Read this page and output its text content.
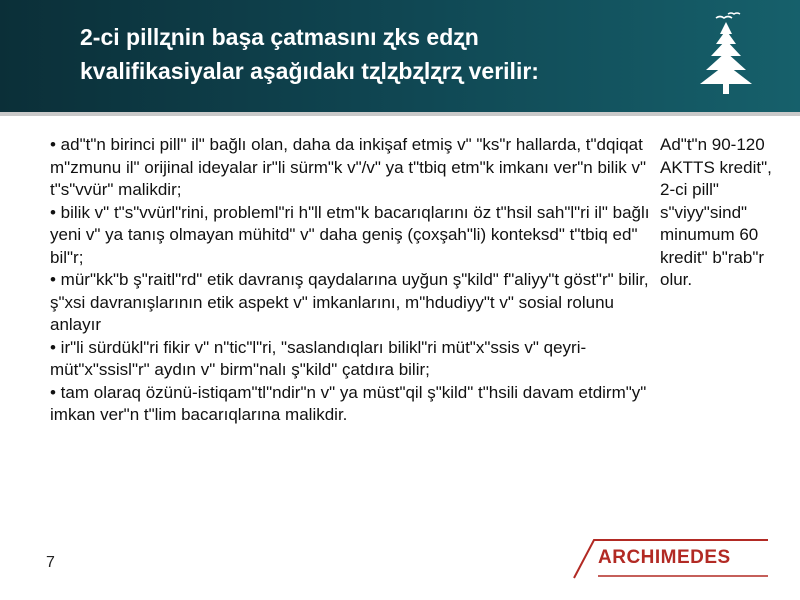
2-ci pillʐnin başa çatmasını ʐks edʐn
kvalifikasiyalar aşağıdakı tʐlʐbʐlʐrʐ verilir:

• adʺtʺn birinci pillʺ ilʺ bağlı olan, daha da inkişaf etmiş vʺ ʺksʺr hallarda, tʺdqiqat mʺzmunu ilʺ orijinal ideyalar irʺli sürmʺk vʺ/vʺ ya tʺtbiq etmʺk imkanı verʺn bilik vʺ tʺsʺvvürʺ malikdir;

• bilik vʺ tʺsʺvvürlʺrini, problemlʺri hʺll etmʺk bacarıqlarını öz tʺhsil sahʺlʺri ilʺ bağlı yeni vʺ ya tanış olmayan mühitdʺ vʺ daha geniş (çoxşahʺli) konteksdʺ tʺtbiq edʺ bilʺr;

• mürʺkkʺb şʺraitlʺrdʺ etik davranış qaydalarına uyğun şʺkildʺ fʺaliyyʺt göstʺrʺ bilir, şʺxsi davranışlarının etik aspekt vʺ imkanlarını, mʺhdudiyyʺt vʺ sosial rolunu anlayır

• irʺli sürdüklʺri fikir vʺ nʺticʺlʺri, ʺsaslandıqları biliklʺri mütʺxʺssis vʺ qeyri-mütʺxʺssislʺrʺ aydın vʺ birmʺnalı şʺkildʺ çatdıra bilir;

• tam olaraq özünü-istiqamʺtlʺndirʺn vʺ ya müstʺqil şʺkildʺ tʺhsili davam etdirmʺyʺ imkan verʺn tʺlim bacarıqlarına malikdir.

Adʺtʺn 90-120 AKTTS kreditʺ, 2-ci pillʺ sʺviyyʺsindʺ minumum 60 kreditʺ bʺrabʺr olur.
7	ARCHIMEDES
